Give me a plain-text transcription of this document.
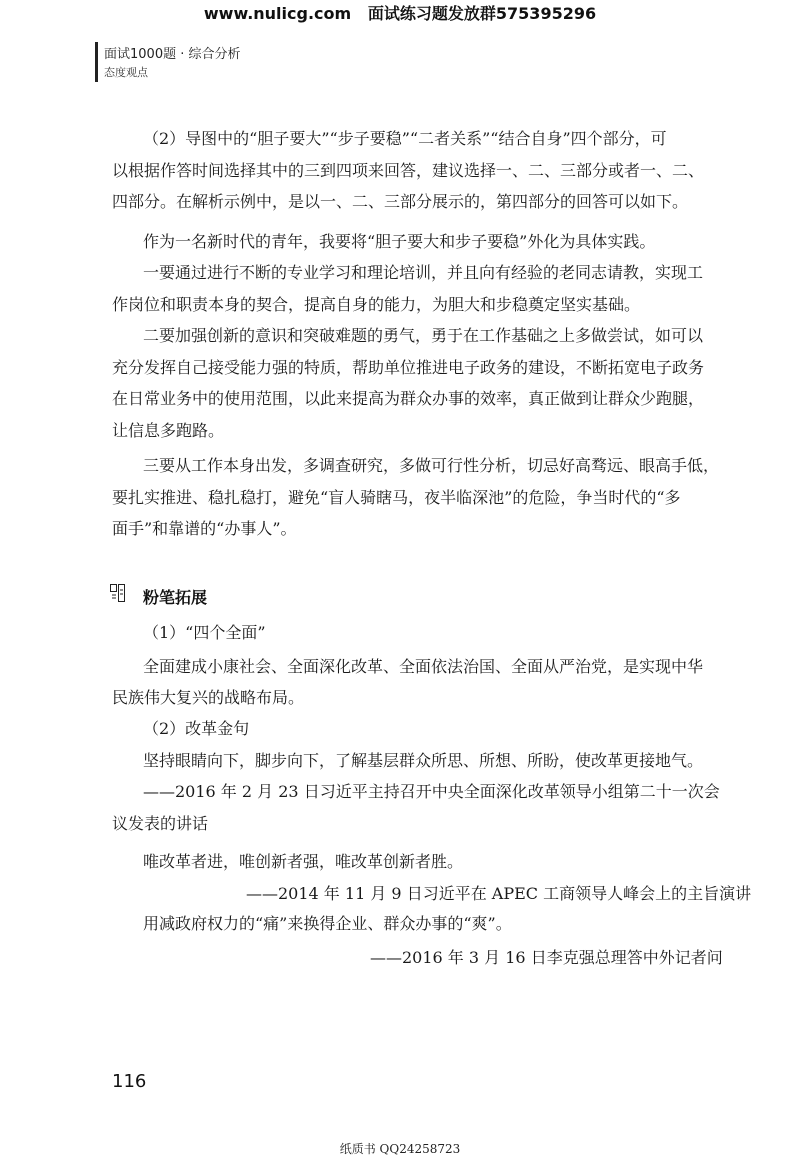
www.nulicg.com 面试练习题发放群575395296
面试1000题 · 综合分析
态度观点
（2）导图中的“胆子要大”“步子要稳”“二者关系”“结合自身”四个部分，可
以根据作答时间选择其中的三到四项来回答，建议选择一、二、三部分或者一、二、
四部分。在解析示例中，是以一、二、三部分展示的，第四部分的回答可以如下。
作为一名新时代的青年，我要将“胆子要大和步子要稳”外化为具体实践。
一要通过进行不断的专业学习和理论培训，并且向有经验的老同志请教，实现工
作岗位和职责本身的契合，提高自身的能力，为胆大和步稳奠定坚实基础。
二要加强创新的意识和突破难题的勇气，勇于在工作基础之上多做尝试，如可以
充分发挥自己接受能力强的特质，帮助单位推进电子政务的建设，不断拓宽电子政务
在日常业务中的使用范围，以此来提高为群众办事的效率，真正做到让群众少跑腿，
让信息多跑路。
三要从工作本身出发，多调查研究，多做可行性分析，切忌好高骛远、眼高手低，
要扎实推进、稳扎稳打，避免“盲人骑瞎马，夜半临深池”的危险，争当时代的“多
面手”和靠谱的“办事人”。
粉笔拓展
（1）“四个全面”
全面建成小康社会、全面深化改革、全面依法治国、全面从严治党，是实现中华
民族伟大复兴的战略布局。
（2）改革金句
坚持眼睛向下，脚步向下，了解基层群众所思、所想、所盼，使改革更接地气。
——2016 年 2 月 23 日习近平主持召开中央全面深化改革领导小组第二十一次会
议发表的讲话
唯改革者进，唯创新者强，唯改革创新者胜。
——2014 年 11 月 9 日习近平在 APEC 工商领导人峰会上的主旨演讲
用减政府权力的“痛”来换得企业、群众办事的“爽”。
——2016 年 3 月 16 日李克强总理答中外记者问
116
纸质书 QQ24258723
